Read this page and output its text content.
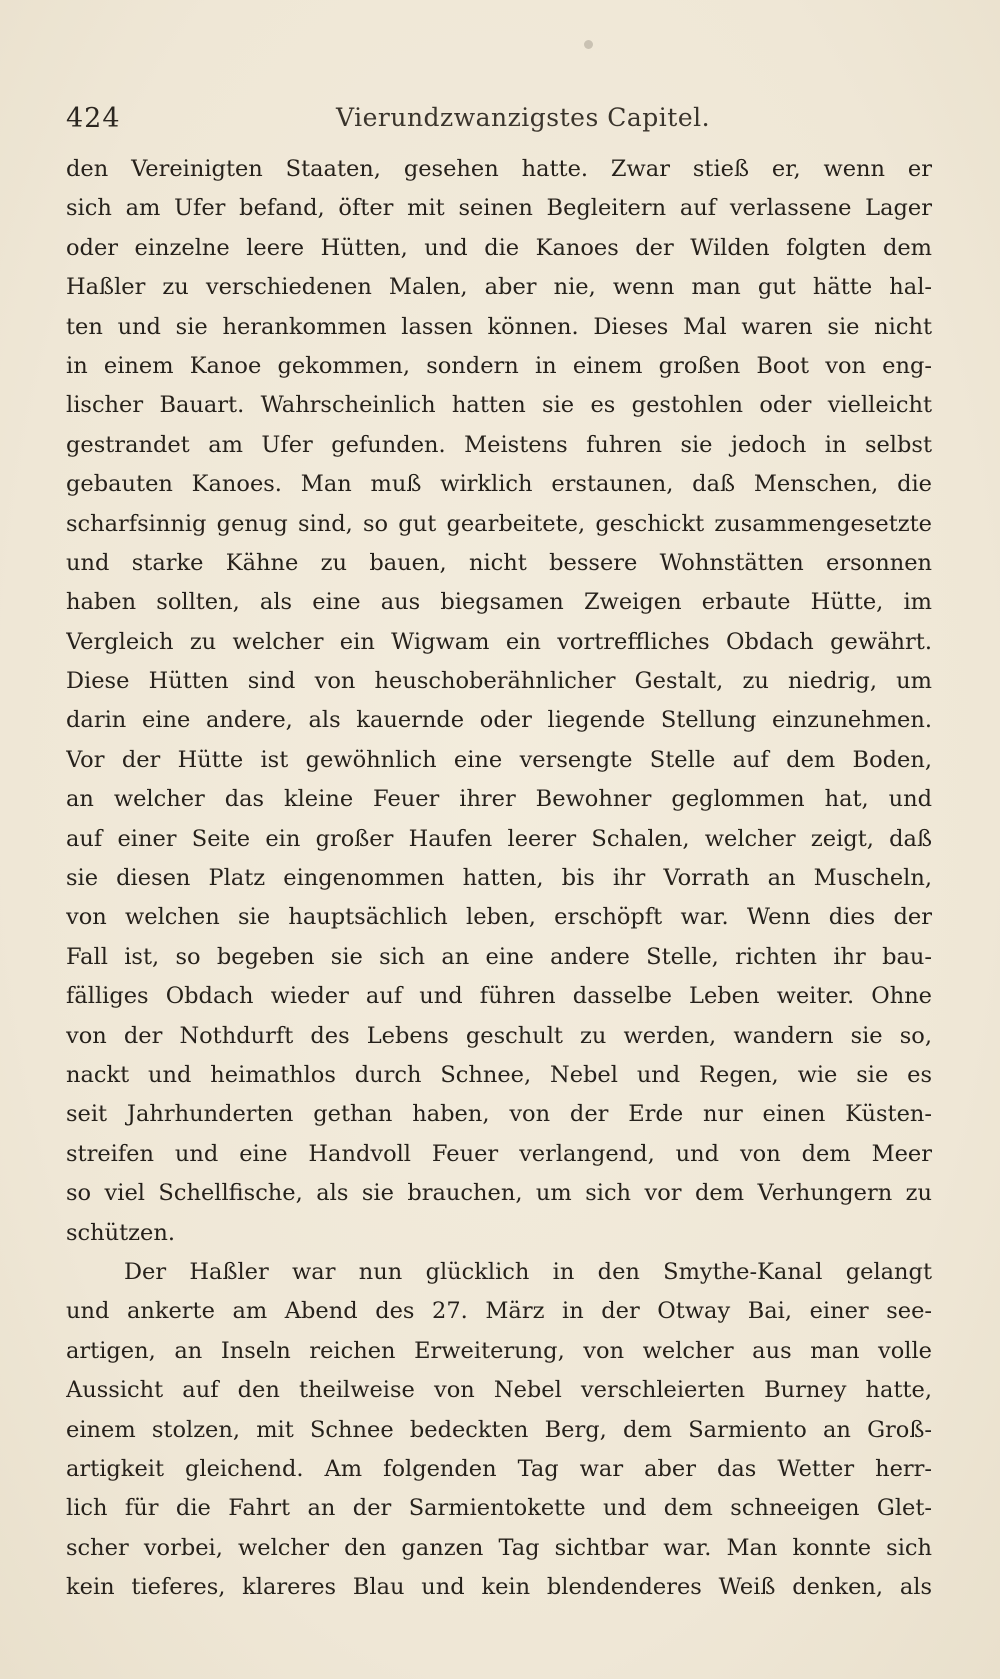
424	Vierundzwanzigstes Capitel.
den Vereinigten Staaten, gesehen hatte. Zwar stieß er, wenn er
sich am Ufer befand, öfter mit seinen Begleitern auf verlassene Lager
oder einzelne leere Hütten, und die Kanoes der Wilden folgten dem
Haßler zu verschiedenen Malen, aber nie, wenn man gut hätte hal-
ten und sie herankommen lassen können. Dieses Mal waren sie nicht
in einem Kanoe gekommen, sondern in einem großen Boot von eng-
lischer Bauart. Wahrscheinlich hatten sie es gestohlen oder vielleicht
gestrandet am Ufer gefunden. Meistens fuhren sie jedoch in selbst
gebauten Kanoes. Man muß wirklich erstaunen, daß Menschen, die
scharfsinnig genug sind, so gut gearbeitete, geschickt zusammengesetzte
und starke Kähne zu bauen, nicht bessere Wohnstätten ersonnen
haben sollten, als eine aus biegsamen Zweigen erbaute Hütte, im
Vergleich zu welcher ein Wigwam ein vortreffliches Obdach gewährt.
Diese Hütten sind von heuschoberähnlicher Gestalt, zu niedrig, um
darin eine andere, als kauernde oder liegende Stellung einzunehmen.
Vor der Hütte ist gewöhnlich eine versengte Stelle auf dem Boden,
an welcher das kleine Feuer ihrer Bewohner geglommen hat, und
auf einer Seite ein großer Haufen leerer Schalen, welcher zeigt, daß
sie diesen Platz eingenommen hatten, bis ihr Vorrath an Muscheln,
von welchen sie hauptsächlich leben, erschöpft war. Wenn dies der
Fall ist, so begeben sie sich an eine andere Stelle, richten ihr bau-
fälliges Obdach wieder auf und führen dasselbe Leben weiter. Ohne
von der Nothdurft des Lebens geschult zu werden, wandern sie so,
nackt und heimathlos durch Schnee, Nebel und Regen, wie sie es
seit Jahrhunderten gethan haben, von der Erde nur einen Küsten-
streifen und eine Handvoll Feuer verlangend, und von dem Meer
so viel Schellfische, als sie brauchen, um sich vor dem Verhungern zu
schützen.
Der Haßler war nun glücklich in den Smythe-Kanal gelangt
und ankerte am Abend des 27. März in der Otway Bai, einer see-
artigen, an Inseln reichen Erweiterung, von welcher aus man volle
Aussicht auf den theilweise von Nebel verschleierten Burney hatte,
einem stolzen, mit Schnee bedeckten Berg, dem Sarmiento an Groß-
artigkeit gleichend. Am folgenden Tag war aber das Wetter herr-
lich für die Fahrt an der Sarmientokette und dem schneeigen Glet-
scher vorbei, welcher den ganzen Tag sichtbar war. Man konnte sich
kein tieferes, klareres Blau und kein blendenderes Weiß denken, als
